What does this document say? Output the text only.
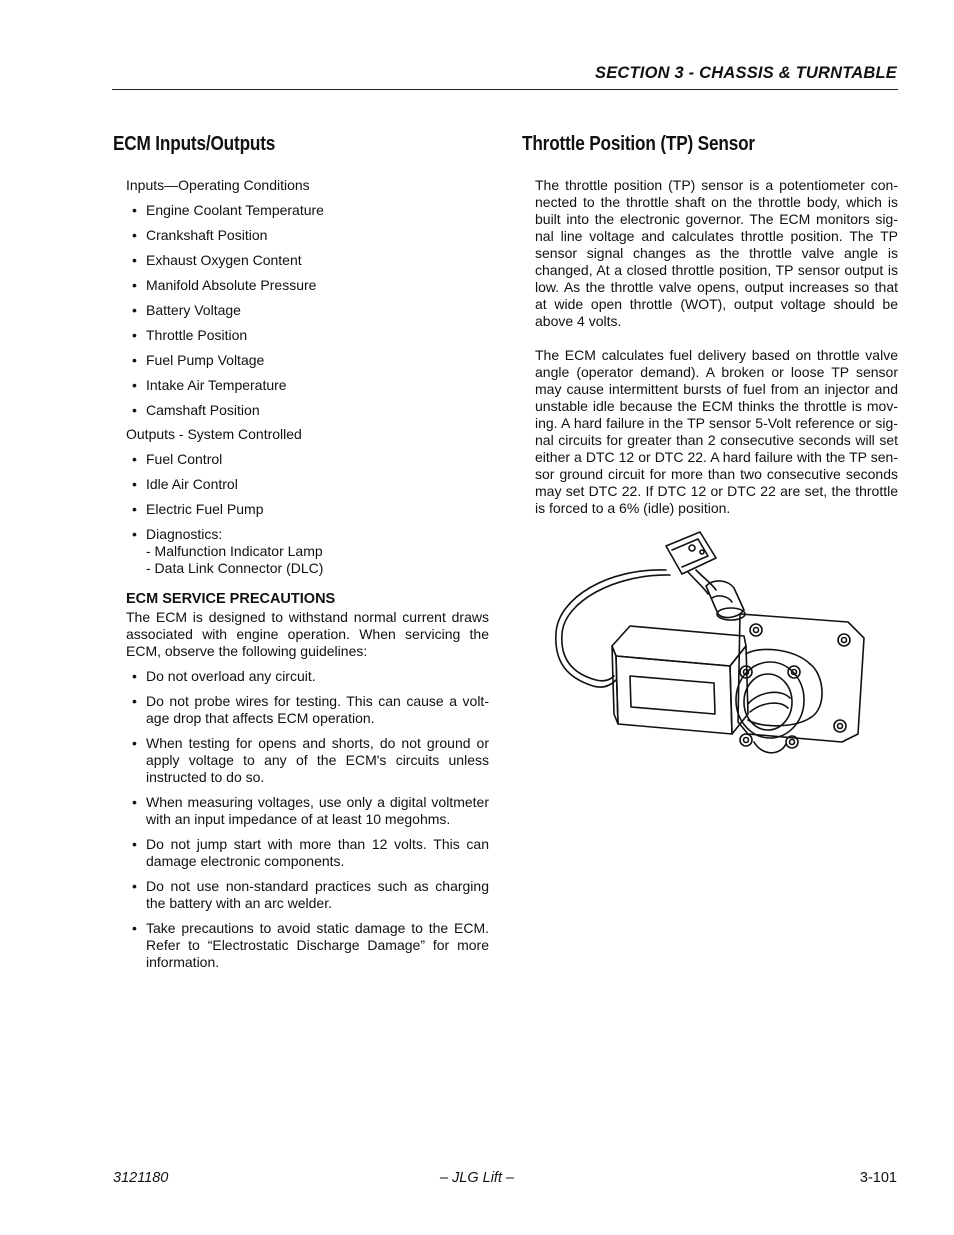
SECTION 3 - CHASSIS & TURNTABLE
ECM Inputs/Outputs
Inputs—Operating Conditions
• Engine Coolant Temperature
• Crankshaft Position
• Exhaust Oxygen Content
• Manifold Absolute Pressure
• Battery Voltage
• Throttle Position
• Fuel Pump Voltage
• Intake Air Temperature
• Camshaft Position
Outputs - System Controlled
• Fuel Control
• Idle Air Control
• Electric Fuel Pump
• Diagnostics:
- Malfunction Indicator Lamp
- Data Link Connector (DLC)
ECM SERVICE PRECAUTIONS

The ECM is designed to withstand normal current draws associated with engine operation. When servicing the ECM, observe the following guidelines:

• Do not overload any circuit.
• Do not probe wires for testing. This can cause a volt-age drop that affects ECM operation.
• When testing for opens and shorts, do not ground or apply voltage to any of the ECM's circuits unless instructed to do so.
• When measuring voltages, use only a digital voltmeter with an input impedance of at least 10 megohms.
• Do not jump start with more than 12 volts. This can damage electronic components.
• Do not use non-standard practices such as charging the battery with an arc welder.
• Take precautions to avoid static damage to the ECM. Refer to “Electrostatic Discharge Damage” for more information.
Throttle Position (TP) Sensor

The throttle position (TP) sensor is a potentiometer con-nected to the throttle shaft on the throttle body, which is built into the electronic governor. The ECM monitors sig-nal line voltage and calculates throttle position. The TP sensor signal changes as the throttle valve angle is changed, At a closed throttle position, TP sensor output is low. As the throttle valve opens, output increases so that at wide open throttle (WOT), output voltage should be above 4 volts.

The ECM calculates fuel delivery based on throttle valve angle (operator demand). A broken or loose TP sensor may cause intermittent bursts of fuel from an injector and unstable idle because the ECM thinks the throttle is mov-ing. A hard failure in the TP sensor 5-Volt reference or sig-nal circuits for greater than 2 consecutive seconds will set either a DTC 12 or DTC 22. A hard failure with the TP sen-sor ground circuit for more than two consecutive seconds may set DTC 22. If DTC 12 or DTC 22 are set, the throttle is forced to a 6% (idle) position.

3121180	– JLG Lift –	3-101
